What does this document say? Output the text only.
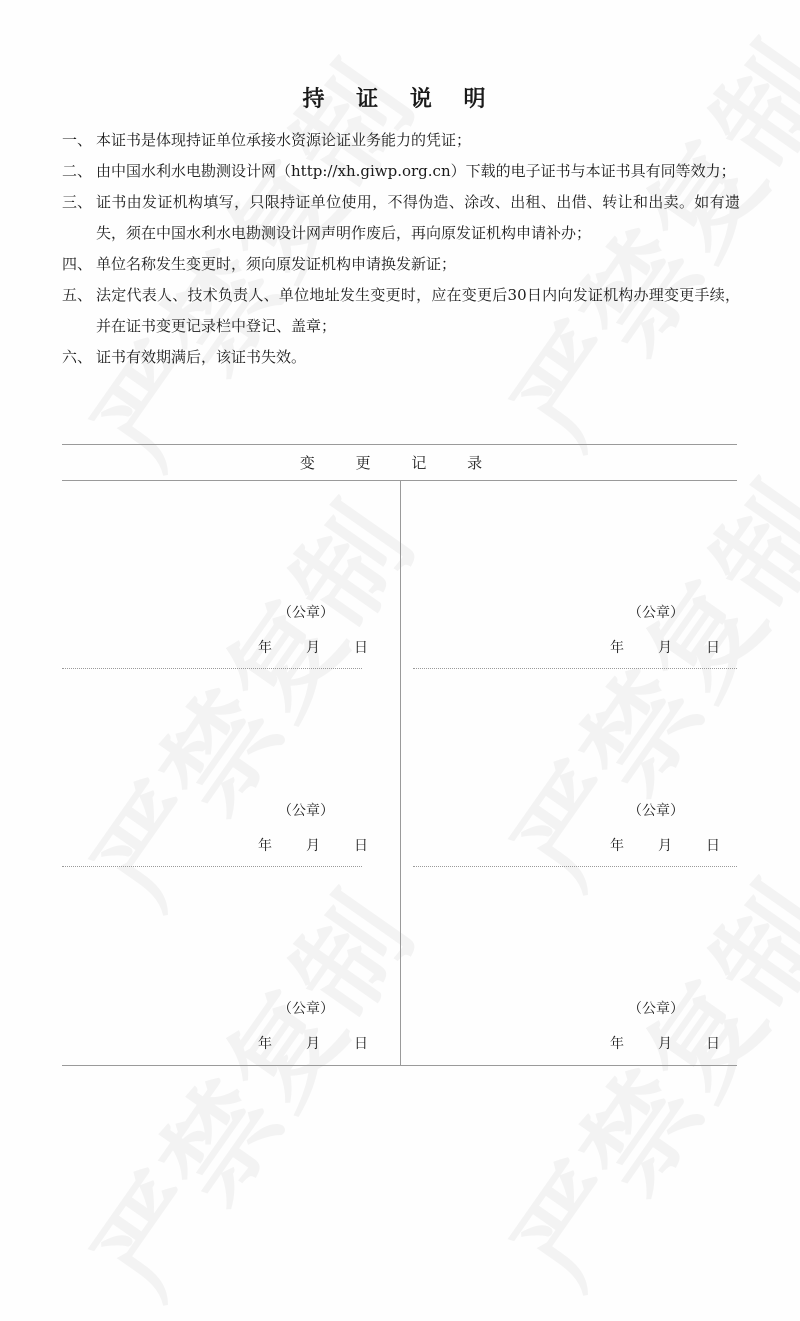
持 证 说 明
一、 本证书是体现持证单位承接水资源论证业务能力的凭证；
二、 由中国水利水电勘测设计网（http://xh.giwp.org.cn）下载的电子证书与本证书具有同等效力；
三、 证书由发证机构填写，只限持证单位使用，不得伪造、涂改、出租、出借、转让和出卖。如有遗失，须在中国水利水电勘测设计网声明作废后，再向原发证机构申请补办；
四、 单位名称发生变更时，须向原发证机构申请换发新证；
五、 法定代表人、技术负责人、单位地址发生变更时，应在变更后30日内向发证机构办理变更手续，并在证书变更记录栏中登记、盖章；
六、 证书有效期满后，该证书失效。
变 更 记 录
（公章）
年 月 日
（公章）
年 月 日
（公章）
年 月 日
（公章）
年 月 日
（公章）
年 月 日
（公章）
年 月 日
